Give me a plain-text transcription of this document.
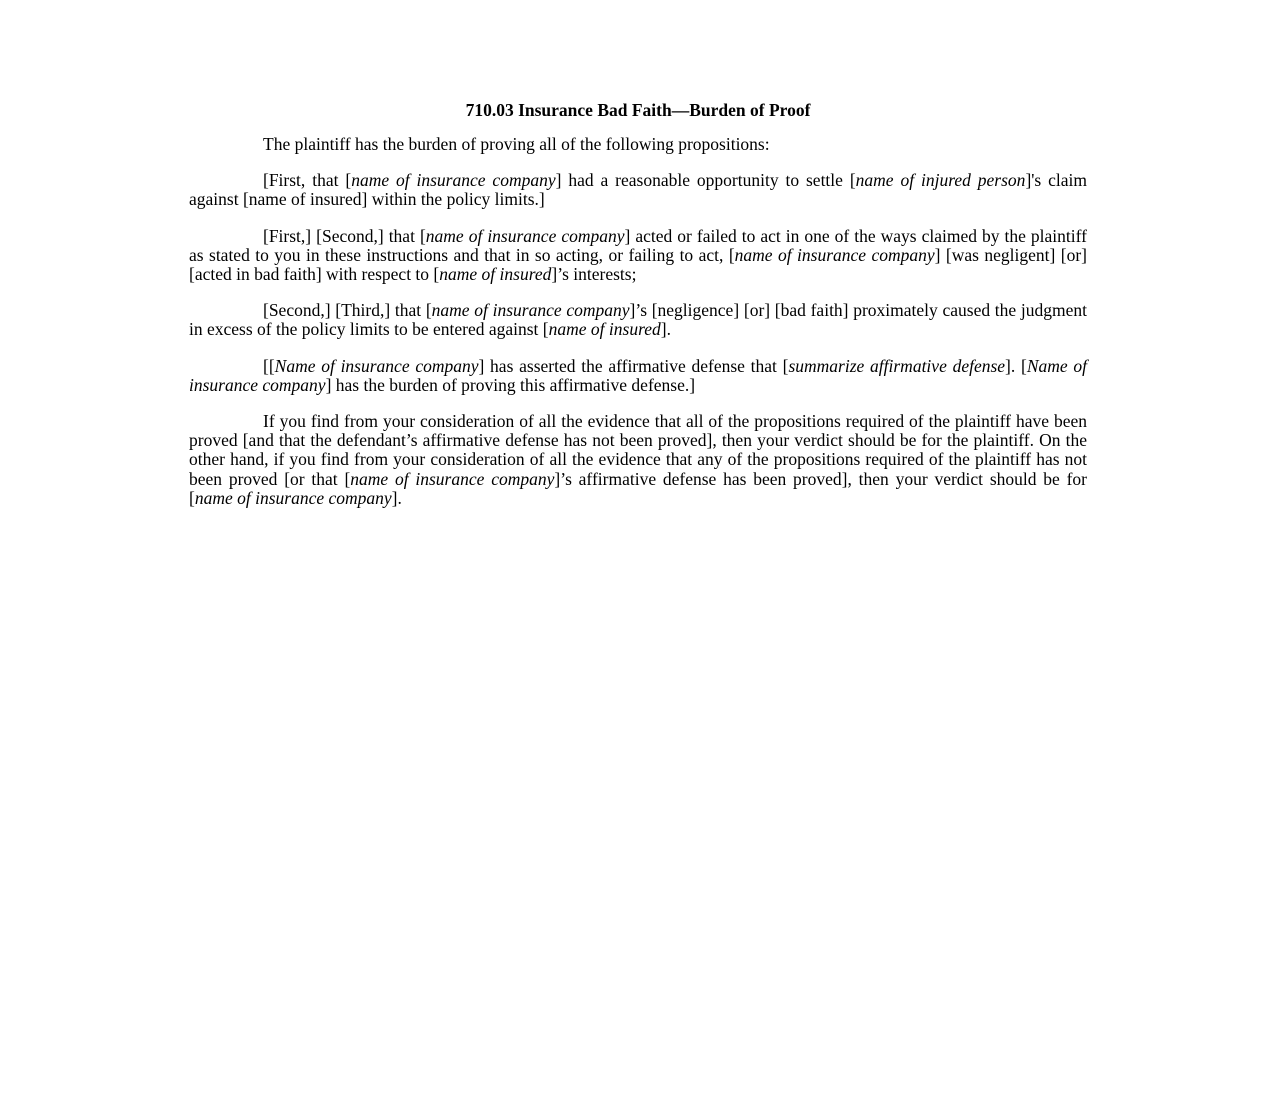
710.03 Insurance Bad Faith—Burden of Proof

The plaintiff has the burden of proving all of the following propositions:

[First, that [name of insurance company] had a reasonable opportunity to settle [name of injured person]'s claim against [name of insured] within the policy limits.]

[First,] [Second,] that [name of insurance company] acted or failed to act in one of the ways claimed by the plaintiff as stated to you in these instructions and that in so acting, or failing to act, [name of insurance company] [was negligent] [or] [acted in bad faith] with respect to [name of insured]’s interests;

[Second,] [Third,] that [name of insurance company]’s [negligence] [or] [bad faith] proximately caused the judgment in excess of the policy limits to be entered against [name of insured].

[[Name of insurance company] has asserted the affirmative defense that [summarize affirmative defense]. [Name of insurance company] has the burden of proving this affirmative defense.]

If you find from your consideration of all the evidence that all of the propositions required of the plaintiff have been proved [and that the defendant’s affirmative defense has not been proved], then your verdict should be for the plaintiff. On the other hand, if you find from your consideration of all the evidence that any of the propositions required of the plaintiff has not been proved [or that [name of insurance company]’s affirmative defense has been proved], then your verdict should be for [name of insurance company].
